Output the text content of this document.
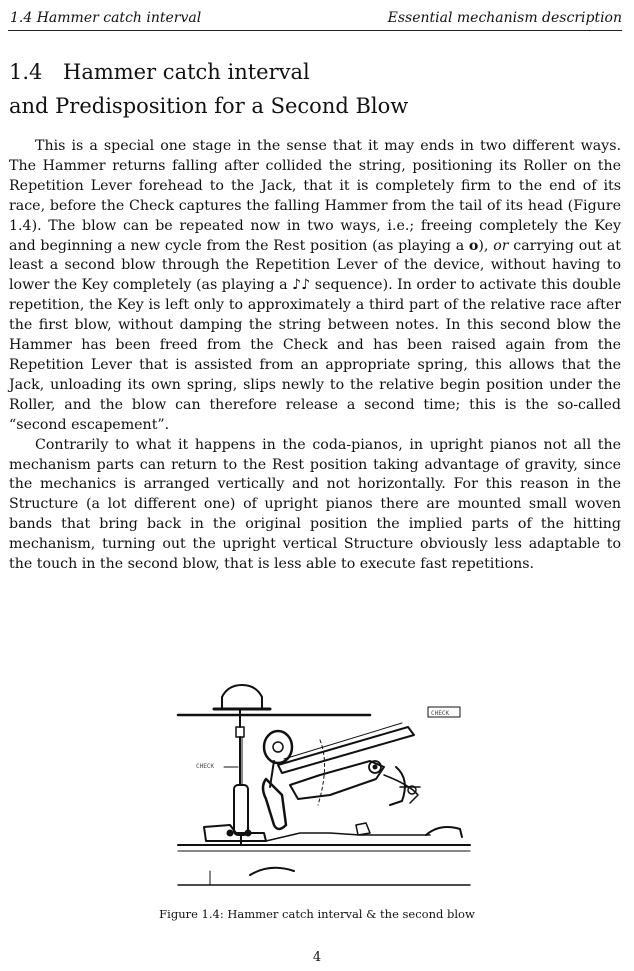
1.4 Hammer catch interval	Essential mechanism description
1.4 Hammer catch interval
and Predisposition for a Second Blow

This is a special one stage in the sense that it may ends in two different ways. The Hammer returns falling after collided the string, positioning its Roller on the Repetition Lever forehead to the Jack, that it is completely firm to the end of its race, before the Check captures the falling Hammer from the tail of its head (Figure 1.4). The blow can be repeated now in two ways, i.e.; freeing completely the Key and beginning a new cycle from the Rest position (as playing a o), or carrying out at least a second blow through the Repetition Lever of the device, without having to lower the Key completely (as playing a ♪♪ sequence). In order to activate this double repetition, the Key is left only to approximately a third part of the relative race after the first blow, without damping the string between notes. In this second blow the Hammer has been freed from the Check and has been raised again from the Repetition Lever that is assisted from an appropriate spring, this allows that the Jack, unloading its own spring, slips newly to the relative begin position under the Roller, and the blow can therefore release a second time; this is the so-called “second escapement”.

Contrarily to what it happens in the coda-pianos, in upright pianos not all the mechanism parts can return to the Rest position taking advantage of gravity, since the mechanics is arranged vertically and not horizontally. For this reason in the Structure (a lot different one) of upright pianos there are mounted small woven bands that bring back in the original position the implied parts of the hitting mechanism, turning out the upright vertical Structure obviously less adaptable to the touch in the second blow, that is less able to execute fast repetitions.

CHECK
CHECK
Figure 1.4: Hammer catch interval & the second blow
4
